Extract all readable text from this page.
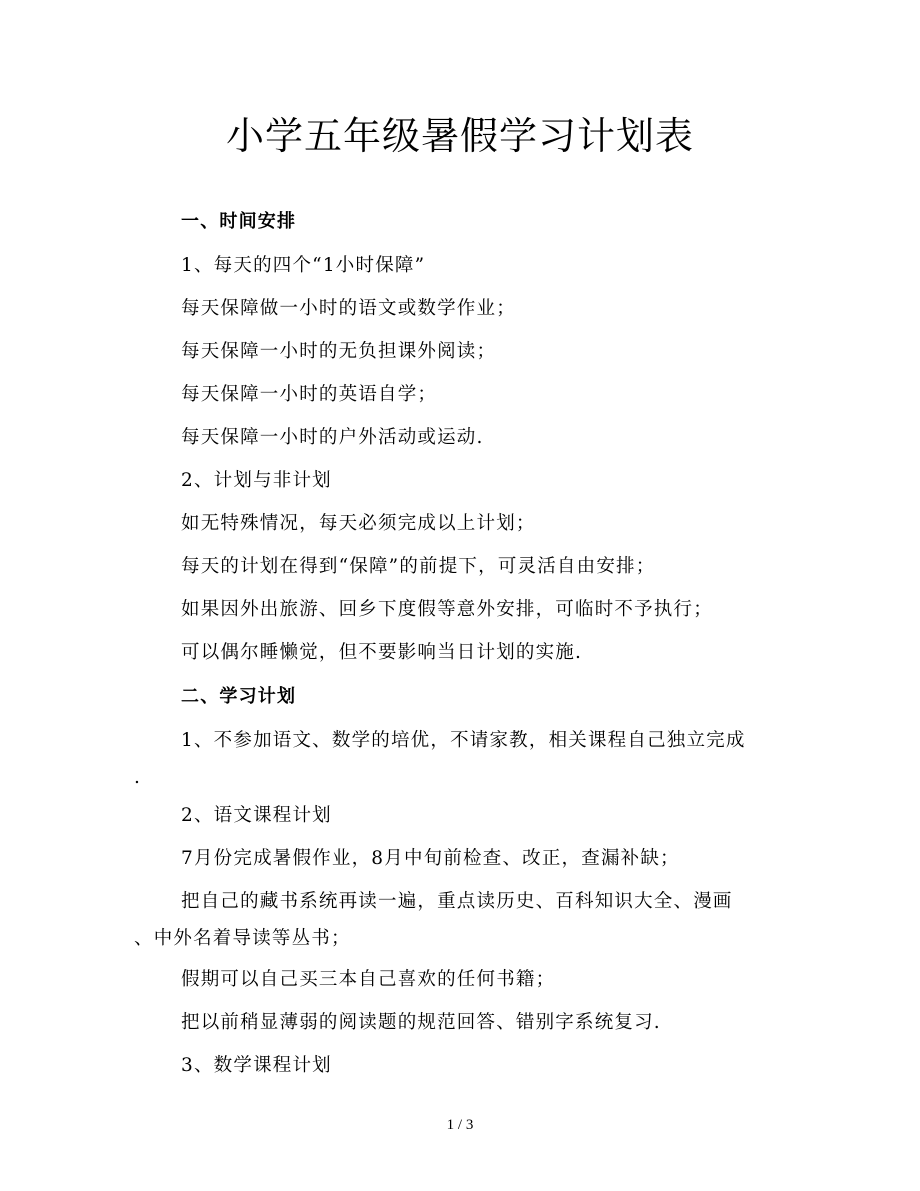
小学五年级暑假学习计划表
一、时间安排
1、每天的四个“1小时保障”
每天保障做一小时的语文或数学作业；
每天保障一小时的无负担课外阅读；
每天保障一小时的英语自学；
每天保障一小时的户外活动或运动.
2、计划与非计划
如无特殊情况，每天必须完成以上计划；
每天的计划在得到“保障”的前提下，可灵活自由安排；
如果因外出旅游、回乡下度假等意外安排，可临时不予执行；
可以偶尔睡懒觉，但不要影响当日计划的实施.
二、学习计划
1、不参加语文、数学的培优，不请家教，相关课程自己独立完成
.
2、语文课程计划
7月份完成暑假作业，8月中旬前检查、改正，查漏补缺；
把自己的藏书系统再读一遍，重点读历史、百科知识大全、漫画
、中外名着导读等丛书；
假期可以自己买三本自己喜欢的任何书籍；
把以前稍显薄弱的阅读题的规范回答、错别字系统复习.
3、数学课程计划
1 / 3
